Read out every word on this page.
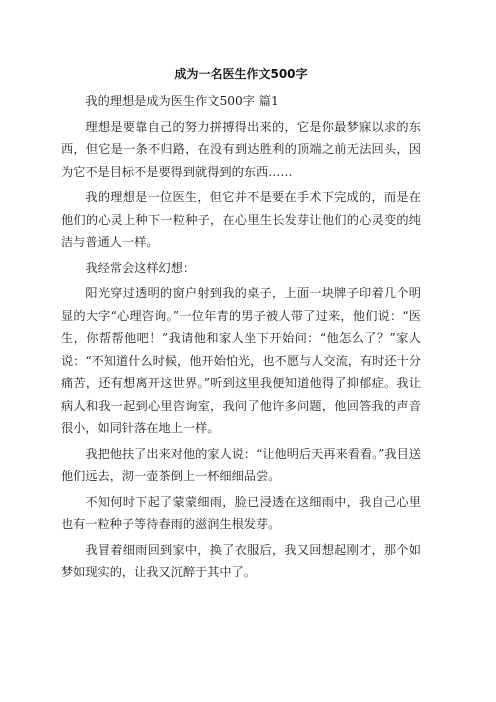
成为一名医生作文500字

我的理想是成为医生作文500字 篇1

理想是要靠自己的努力拼搏得出来的，它是你最梦寐以求的东西，但它是一条不归路，在没有到达胜利的顶端之前无法回头，因为它不是目标不是要得到就得到的东西……

我的理想是一位医生，但它并不是要在手术下完成的，而是在他们的心灵上种下一粒种子，在心里生长发芽让他们的心灵变的纯洁与普通人一样。

我经常会这样幻想：

阳光穿过透明的窗户射到我的桌子，上面一块牌子印着几个明显的大字“心理咨询。”一位年青的男子被人带了过来，他们说：“医生，你帮帮他吧！”我请他和家人坐下开始问：“他怎么了？”家人说：“不知道什么时候，他开始怕光，也不愿与人交流，有时还十分痛苦，还有想离开这世界。”听到这里我便知道他得了抑郁症。我让病人和我一起到心里咨询室，我问了他许多问题，他回答我的声音很小，如同针落在地上一样。

我把他扶了出来对他的家人说：“让他明后天再来看看。”我目送他们远去，沏一壶茶倒上一杯细细品尝。

不知何时下起了蒙蒙细雨，脸已浸透在这细雨中，我自己心里也有一粒种子等待春雨的滋润生根发芽。

我冒着细雨回到家中，换了衣服后，我又回想起刚才，那个如梦如现实的，让我又沉醉于其中了。
